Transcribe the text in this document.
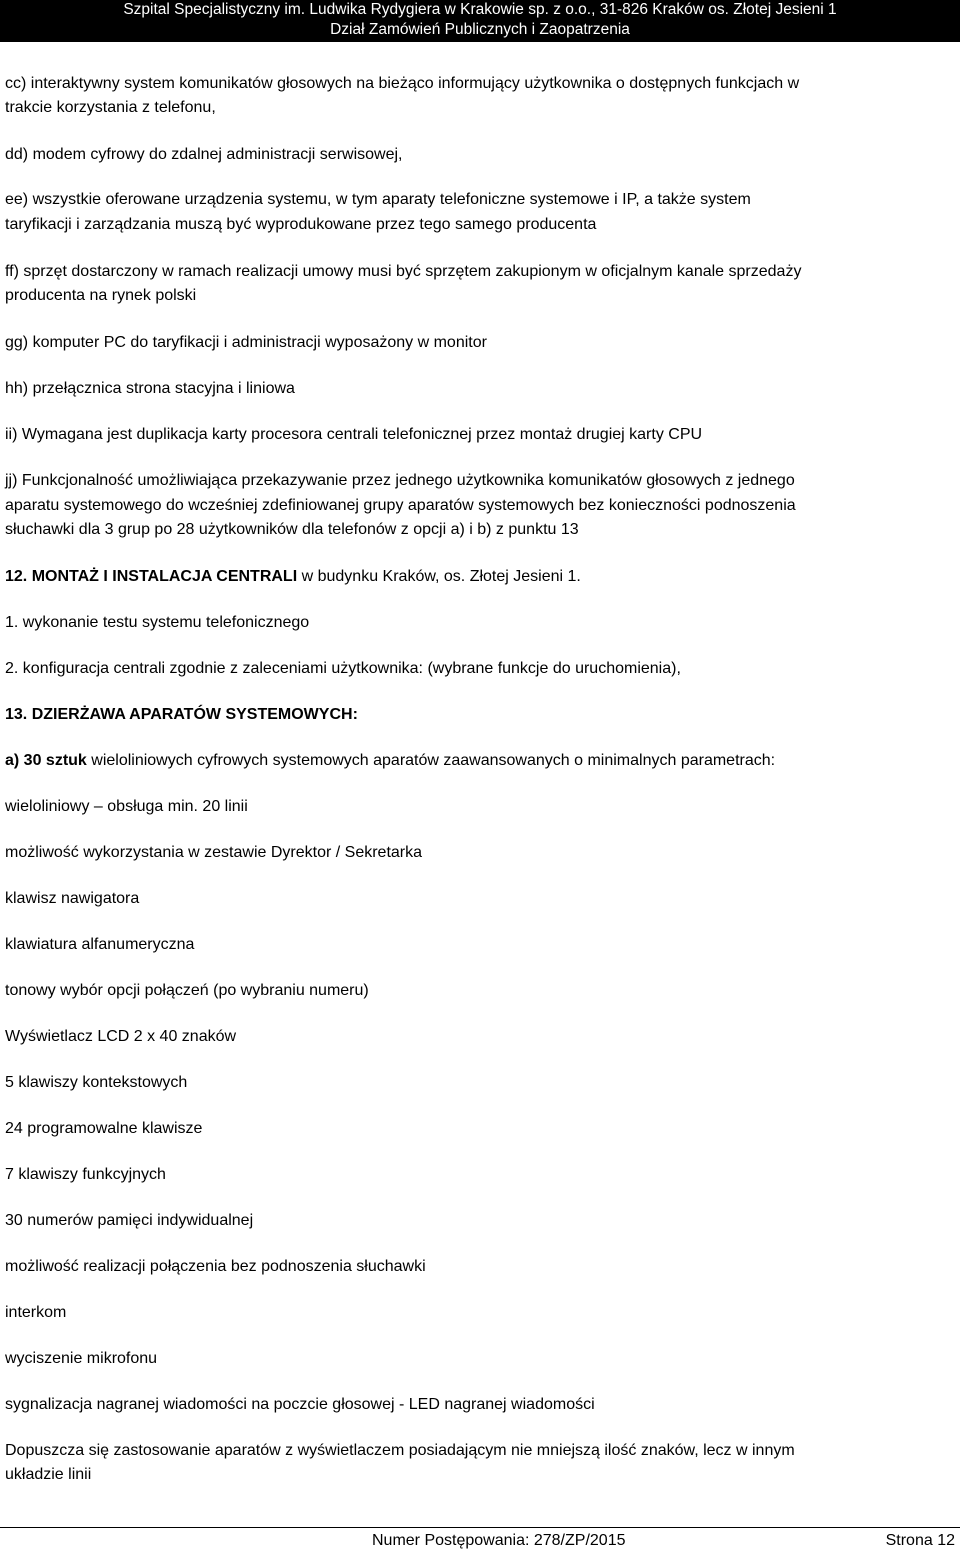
Szpital Specjalistyczny im. Ludwika Rydygiera w Krakowie sp. z o.o., 31-826 Kraków os. Złotej Jesieni 1
Dział Zamówień Publicznych i Zaopatrzenia

cc) interaktywny system komunikatów głosowych na bieżąco informujący użytkownika o dostępnych funkcjach w

trakcie korzystania z telefonu,

dd) modem cyfrowy do zdalnej administracji serwisowej,

ee) wszystkie oferowane urządzenia systemu, w tym aparaty telefoniczne systemowe i IP, a także system

taryfikacji i zarządzania muszą być wyprodukowane przez tego samego producenta

ff) sprzęt dostarczony w ramach realizacji umowy musi być sprzętem zakupionym w oficjalnym kanale sprzedaży

producenta na rynek polski

gg) komputer PC do taryfikacji i administracji wyposażony w monitor

hh) przełącznica strona stacyjna i liniowa

ii) Wymagana jest duplikacja karty procesora centrali telefonicznej przez montaż drugiej karty CPU

jj) Funkcjonalność umożliwiająca przekazywanie przez jednego użytkownika komunikatów głosowych z jednego

aparatu systemowego do wcześniej zdefiniowanej grupy aparatów systemowych bez konieczności podnoszenia

słuchawki dla 3 grup po 28 użytkowników dla telefonów z opcji a) i b) z punktu 13

12. MONTAŻ I INSTALACJA CENTRALI w budynku Kraków, os. Złotej Jesieni 1.

1. wykonanie testu systemu telefonicznego

2. konfiguracja centrali zgodnie z zaleceniami użytkownika: (wybrane funkcje do uruchomienia),

13. DZIERŻAWA APARATÓW SYSTEMOWYCH:

a) 30 sztuk wieloliniowych cyfrowych systemowych aparatów zaawansowanych o minimalnych parametrach:

wieloliniowy – obsługa min. 20 linii

możliwość wykorzystania w zestawie Dyrektor / Sekretarka

klawisz nawigatora

klawiatura alfanumeryczna

tonowy wybór opcji połączeń (po wybraniu numeru)

Wyświetlacz LCD 2 x 40 znaków

5 klawiszy kontekstowych

24 programowalne klawisze

7 klawiszy funkcyjnych

30 numerów pamięci indywidualnej

możliwość realizacji połączenia bez podnoszenia słuchawki

interkom

wyciszenie mikrofonu

sygnalizacja nagranej wiadomości na poczcie głosowej - LED nagranej wiadomości

Dopuszcza się zastosowanie aparatów z wyświetlaczem posiadającym nie mniejszą ilość znaków, lecz w innym

układzie linii

Numer Postępowania: 278/ZP/2015	Strona 12
